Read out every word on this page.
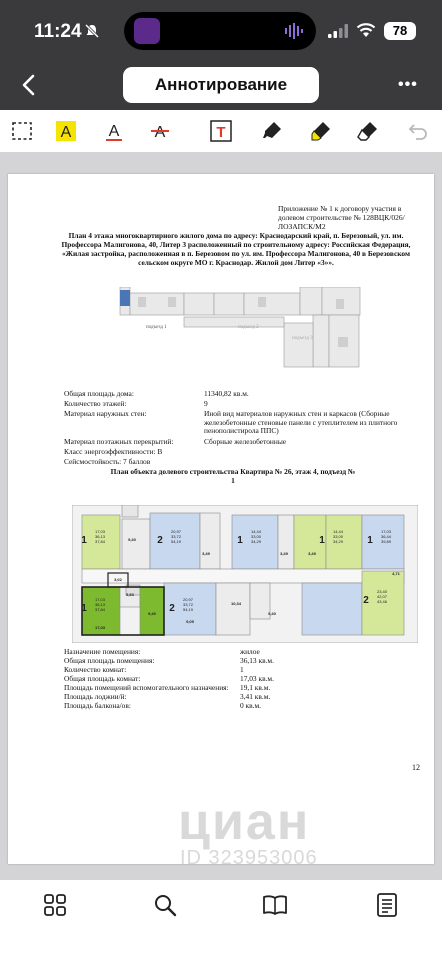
11:24	78
Аннотирование	•••
A A A	T
Приложение № 1 к договору участия в долевом строительстве № 128ВЦК/026/ЛОЗАПСК/М2
План 4 этажа многоквартирного жилого дома по адресу: Краснодарский край, п. Березовый, ул. им. Профессора Малигонова, 40, Литер 3 расположенный по строительному адресу: Российская Федерация, «Жилая застройка, расположенная в п. Березовом по ул. им. Профессора Малигонова, 40 в Березовском сельском округе МО г. Краснодар. Жилой дом Литер «3»».
подъезд 1	подъезд 2
подъезд 3
Общая площадь дома:	11340,82 кв.м.
Количество этажей:	9
Материал наружных стен:	Иной вид материалов наружных стен и каркасов (Сборные железобетонные стеновые панели с утеплителем из плитного пенополистирола ППС)
Материал поэтажных перекрытий:	Сборные железобетонные
Класс энергоэффективности: В
Сейсмостойкость: 7 баллов
План объекта долевого строительства Квартира № 26, этаж 4, подъезд № 1
1
17,03
36,13
37,84	2
20,97
33,72
54,19	1
14,44
33,00
34,29	1
14,44
33,00
34,29 1
17,03
36,44
39,89
1
17,03
36,13
37,84	2
20,97
33,72
54,19
2
23,40
42,07
43,46
9,40
3,49	3,49	3,49
3,02
5,53
9,40
17,03
9,05
4,71
9,40
10,34
Назначение помещения:	жилое
Общая площадь помещения:	36,13 кв.м.
Количество комнат:	1
Общая площадь комнат:	17,03 кв.м.
Площадь помещений вспомогательного назначения:	19,1 кв.м.
Площадь лоджии/й:	3,41 кв.м.
Площадь балкона/ов:	0 кв.м.
12
циан
ID 323953006
